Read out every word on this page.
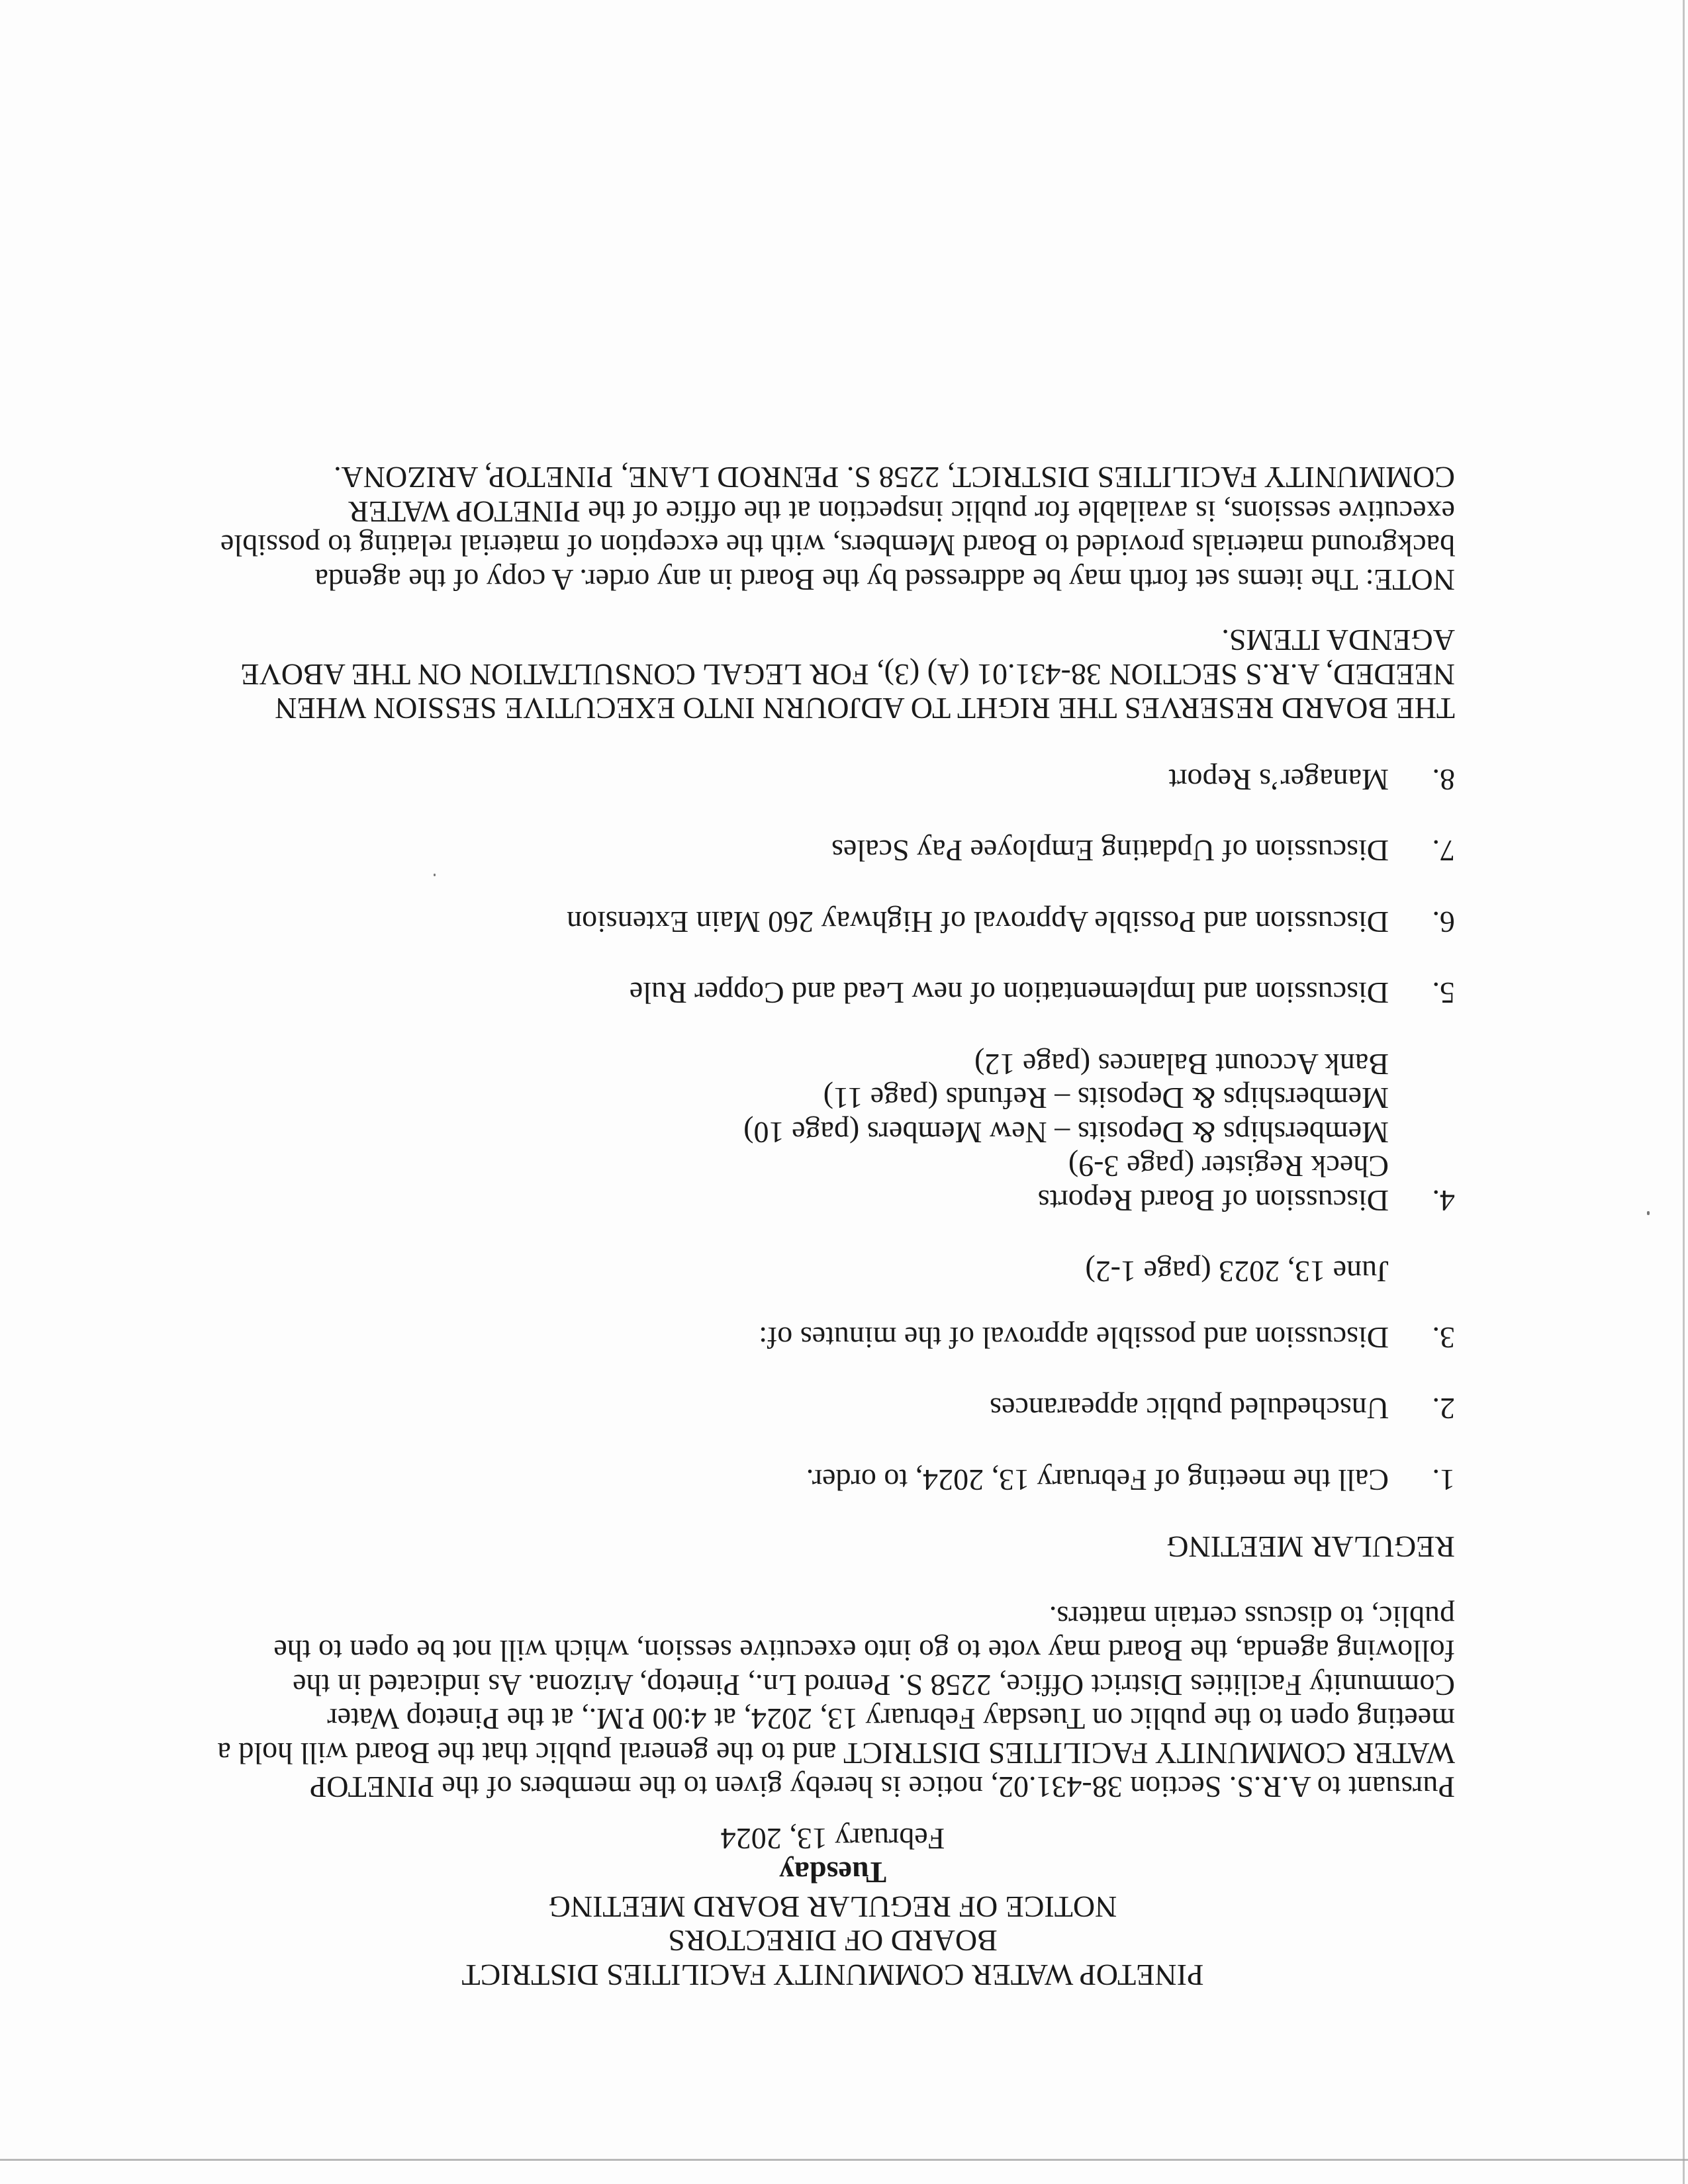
PINETOP WATER COMMUNITY FACILITIES DISTRICT
BOARD OF DIRECTORS
NOTICE OF REGULAR BOARD MEETING
Tuesday
February 13, 2024
Pursuant to A.R.S. Section 38-431.02, notice is hereby given to the members of the PINETOP WATER COMMUNITY FACILITIES DISTRICT and to the general public that the Board will hold a meeting open to the public on Tuesday February 13, 2024, at 4:00 P.M., at the Pinetop Water Community Facilities District Office, 2258 S. Penrod Ln., Pinetop, Arizona. As indicated in the following agenda, the Board may vote to go into executive session, which will not be open to the public, to discuss certain matters.
REGULAR MEETING
1.
Call the meeting of February 13, 2024, to order.
2.
Unscheduled public appearances
3.
Discussion and possible approval of the minutes of:
June 13, 2023 (page 1-2)
4.
Discussion of Board Reports
Check Register (page 3-9)
Memberships & Deposits – New Members (page 10)
Memberships & Deposits – Refunds (page 11)
Bank Account Balances (page 12)
5.
Discussion and Implementation of new Lead and Copper Rule
6.
Discussion and Possible Approval of Highway 260 Main Extension
7.
Discussion of Updating Employee Pay Scales
8.
Manager’s Report
THE BOARD RESERVES THE RIGHT TO ADJOURN INTO EXECUTIVE SESSION WHEN NEEDED, A.R.S SECTION 38-431.01 (A) (3), FOR LEGAL CONSULTATION ON THE ABOVE AGENDA ITEMS.
NOTE: The items set forth may be addressed by the Board in any order. A copy of the agenda background materials provided to Board Members, with the exception of material relating to possible executive sessions, is available for public inspection at the office of the PINETOP WATER COMMUNITY FACILITIES DISTRICT, 2258 S. PENROD LANE, PINETOP, ARIZONA.
